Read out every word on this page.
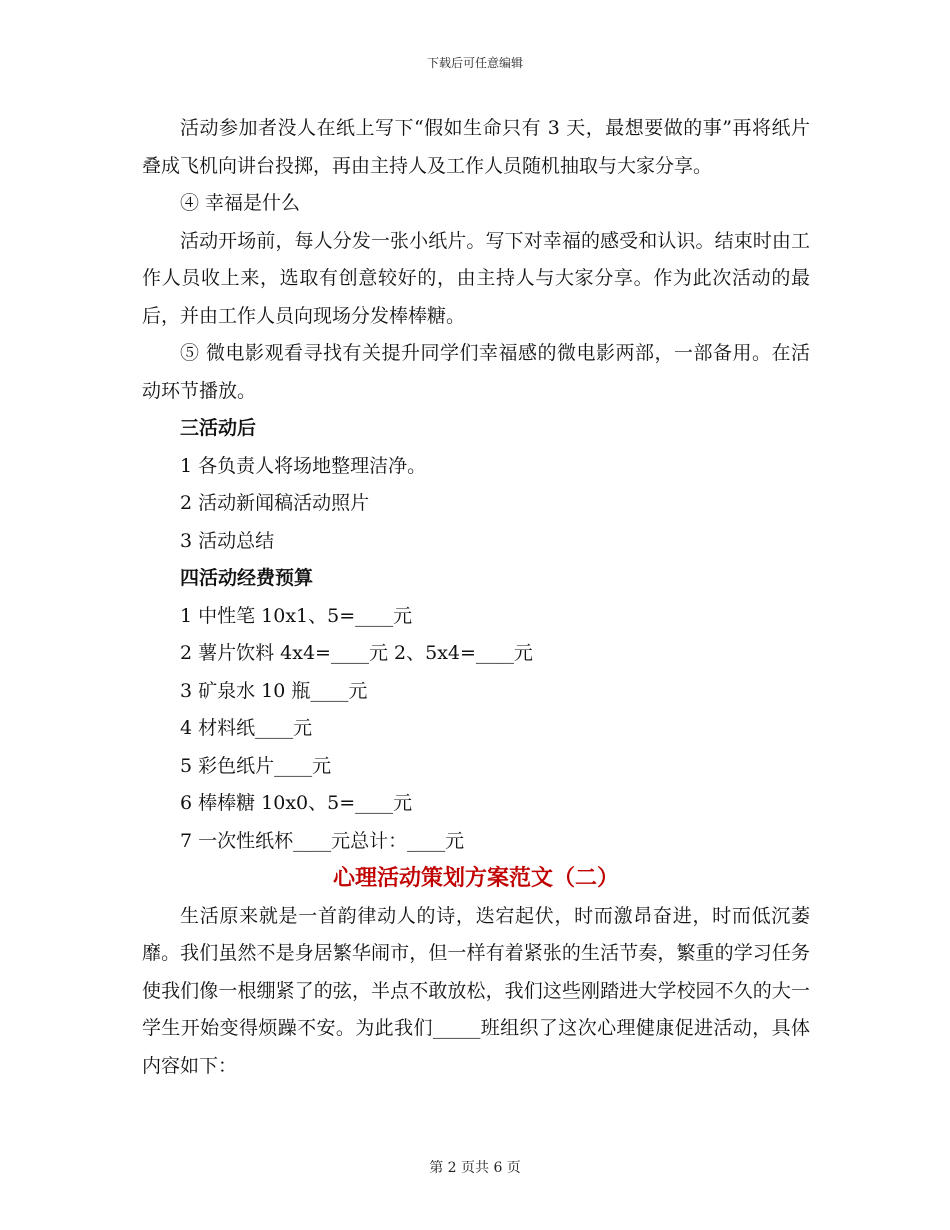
下载后可任意编辑

活动参加者没人在纸上写下“假如生命只有 3 天，最想要做的事”再将纸片叠成飞机向讲台投掷，再由主持人及工作人员随机抽取与大家分享。

④ 幸福是什么

活动开场前，每人分发一张小纸片。写下对幸福的感受和认识。结束时由工作人员收上来，选取有创意较好的，由主持人与大家分享。作为此次活动的最后，并由工作人员向现场分发棒棒糖。

⑤ 微电影观看寻找有关提升同学们幸福感的微电影两部，一部备用。在活动环节播放。

三活动后

1 各负责人将场地整理洁净。

2 活动新闻稿活动照片

3 活动总结

四活动经费预算

1 中性笔 10x1、5=____元

2 薯片饮料 4x4=____元 2、5x4=____元

3 矿泉水 10 瓶____元

4 材料纸____元

5 彩色纸片____元

6 棒棒糖 10x0、5=____元

7 一次性纸杯____元总计：____元

心理活动策划方案范文（二）

生活原来就是一首韵律动人的诗，迭宕起伏，时而激昂奋进，时而低沉萎靡。我们虽然不是身居繁华闹市，但一样有着紧张的生活节奏，繁重的学习任务使我们像一根绷紧了的弦，半点不敢放松，我们这些刚踏进大学校园不久的大一学生开始变得烦躁不安。为此我们_____班组织了这次心理健康促进活动，具体内容如下：

第 2 页共 6 页
